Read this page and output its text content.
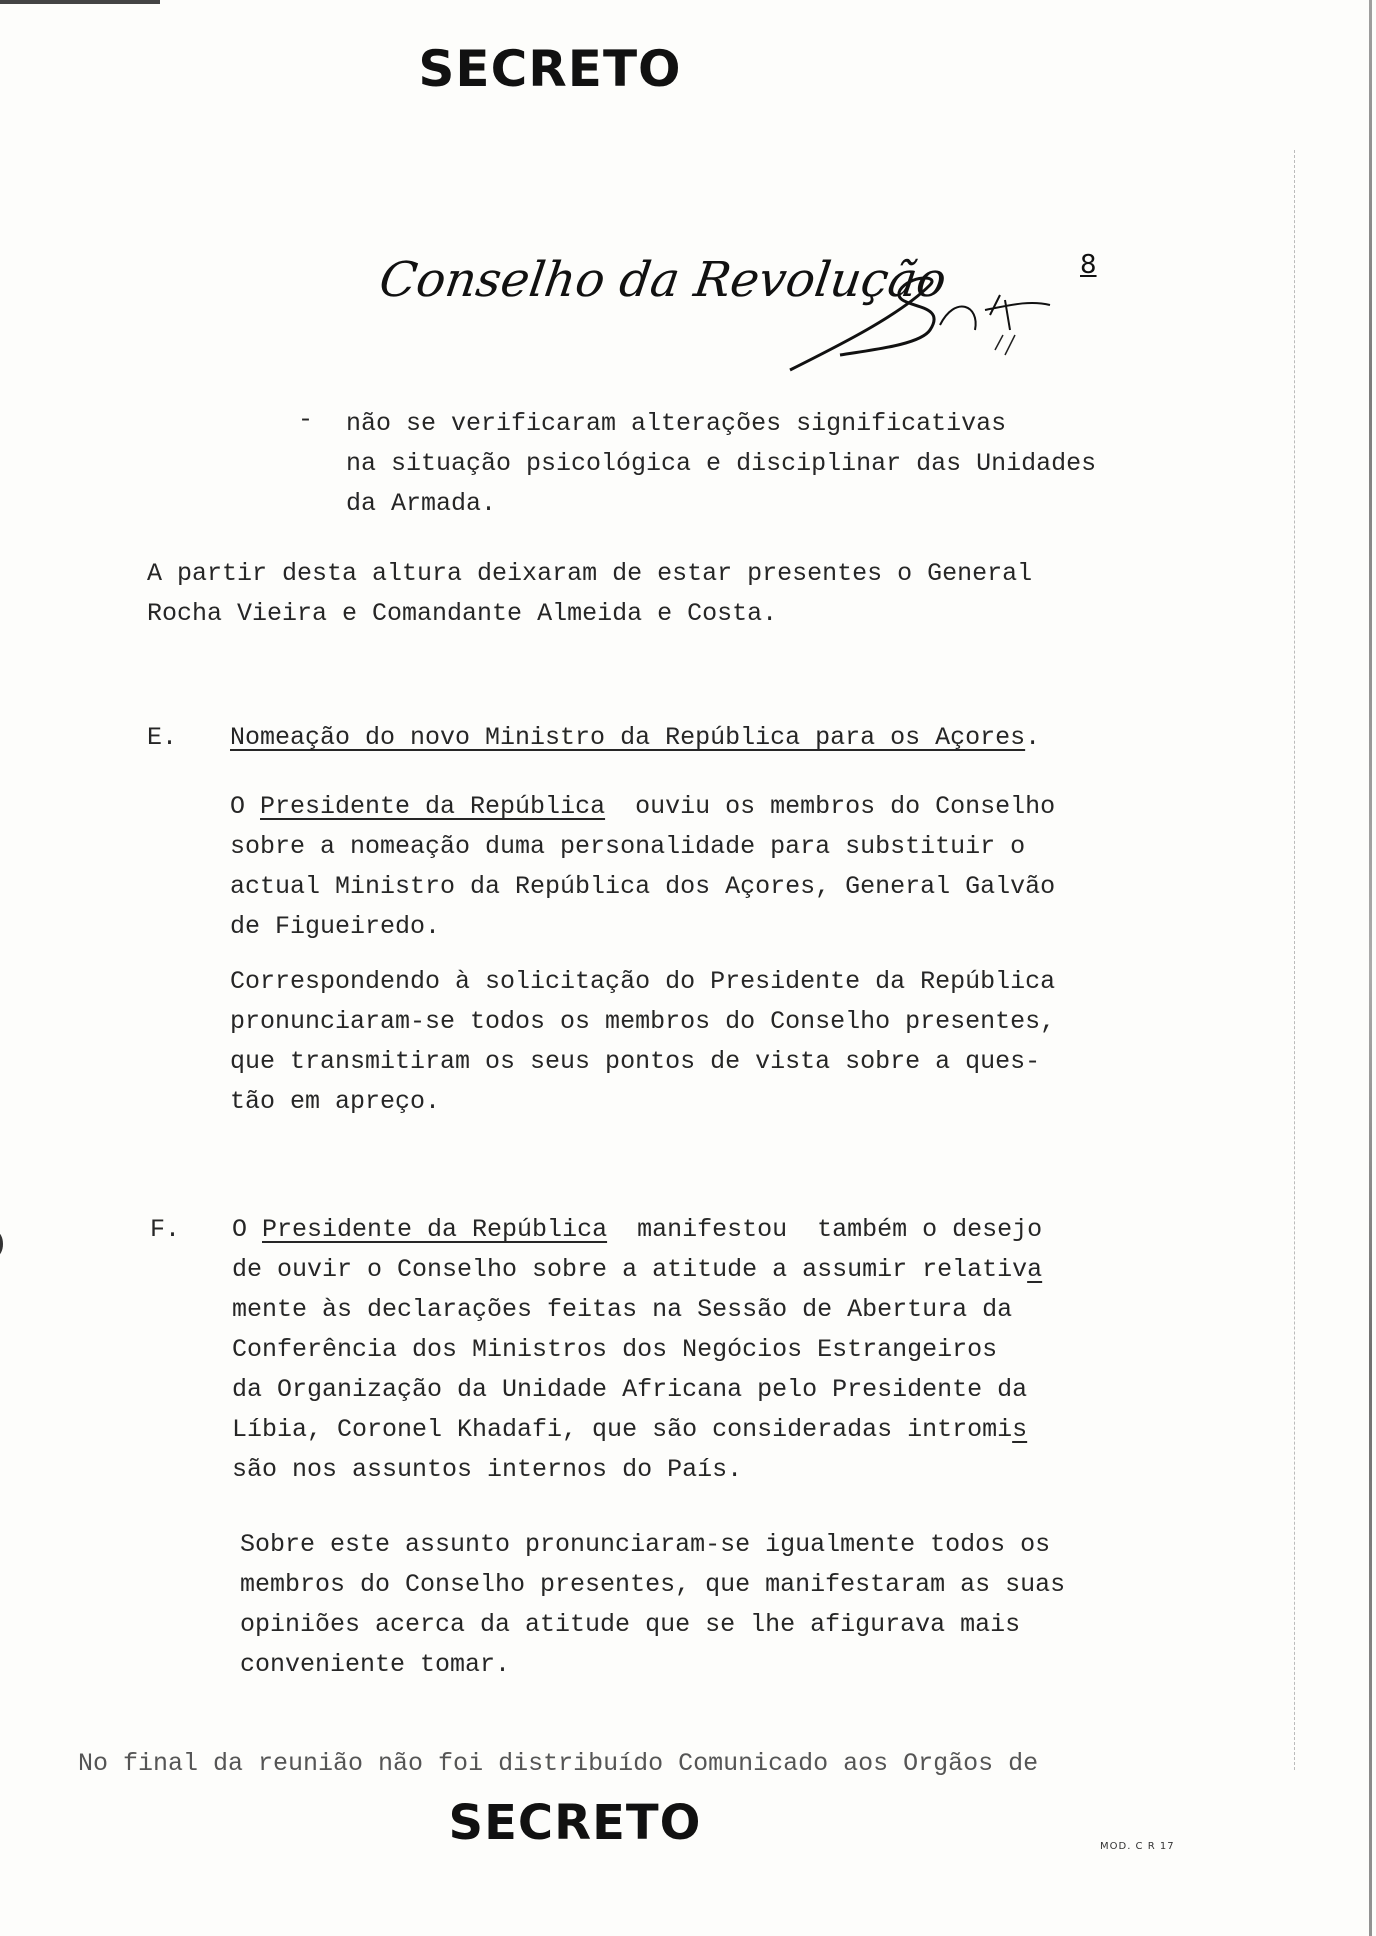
SECRETO
Conselho da Revolução	8
- não se verificaram alterações significativas
na situação psicológica e disciplinar das Unidades
da Armada.
A partir desta altura deixaram de estar presentes o General
Rocha Vieira e Comandante Almeida e Costa.
E. Nomeação do novo Ministro da República para os Açores.
O Presidente da República  ouviu os membros do Conselho
sobre a nomeação duma personalidade para substituir o
actual Ministro da República dos Açores, General Galvão
de Figueiredo.
Correspondendo à solicitação do Presidente da República
pronunciaram-se todos os membros do Conselho presentes,
que transmitiram os seus pontos de vista sobre a ques-
tão em apreço.
F. O Presidente da República  manifestou  também o desejo
de ouvir o Conselho sobre a atitude a assumir relativa
mente às declarações feitas na Sessão de Abertura da
Conferência dos Ministros dos Negócios Estrangeiros
da Organização da Unidade Africana pelo Presidente da
Líbia, Coronel Khadafi, que são consideradas intromis
são nos assuntos internos do País.
Sobre este assunto pronunciaram-se igualmente todos os
membros do Conselho presentes, que manifestaram as suas
opiniões acerca da atitude que se lhe afigurava mais
conveniente tomar.
No final da reunião não foi distribuído Comunicado aos Orgãos de
SECRETO	MOD. C R 17
